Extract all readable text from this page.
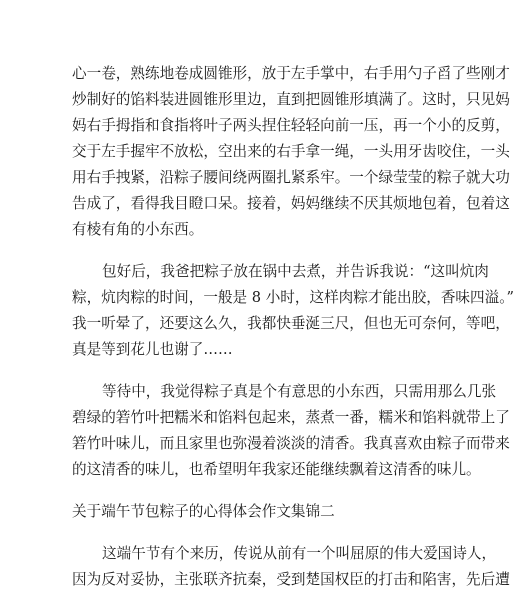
心一卷，熟练地卷成圆锥形，放于左手掌中，右手用勺子舀了些刚才
炒制好的馅料装进圆锥形里边，直到把圆锥形填满了。这时，只见妈
妈右手拇指和食指将叶子两头捏住轻轻向前一压，再一个小的反剪，
交于左手握牢不放松，空出来的右手拿一绳，一头用牙齿咬住，一头
用右手拽紧，沿粽子腰间绕两圈扎紧系牢。一个绿莹莹的粽子就大功
告成了，看得我目瞪口呆。接着，妈妈继续不厌其烦地包着，包着这
有棱有角的小东西。
包好后，我爸把粽子放在锅中去煮，并告诉我说：“这叫炕肉
粽，炕肉粽的时间，一般是 8 小时，这样肉粽才能出胶，香味四溢。”
我一听晕了，还要这么久，我都快垂涎三尺，但也无可奈何，等吧，
真是等到花儿也谢了……
等待中，我觉得粽子真是个有意思的小东西，只需用那么几张
碧绿的箬竹叶把糯米和馅料包起来，蒸煮一番，糯米和馅料就带上了
箬竹叶味儿，而且家里也弥漫着淡淡的清香。我真喜欢由粽子而带来
的这清香的味儿，也希望明年我家还能继续飘着这清香的味儿。
关于端午节包粽子的心得体会作文集锦二
这端午节有个来历，传说从前有一个叫屈原的伟大爱国诗人，
因为反对妥协，主张联齐抗秦，受到楚国权臣的打击和陷害，先后遭
